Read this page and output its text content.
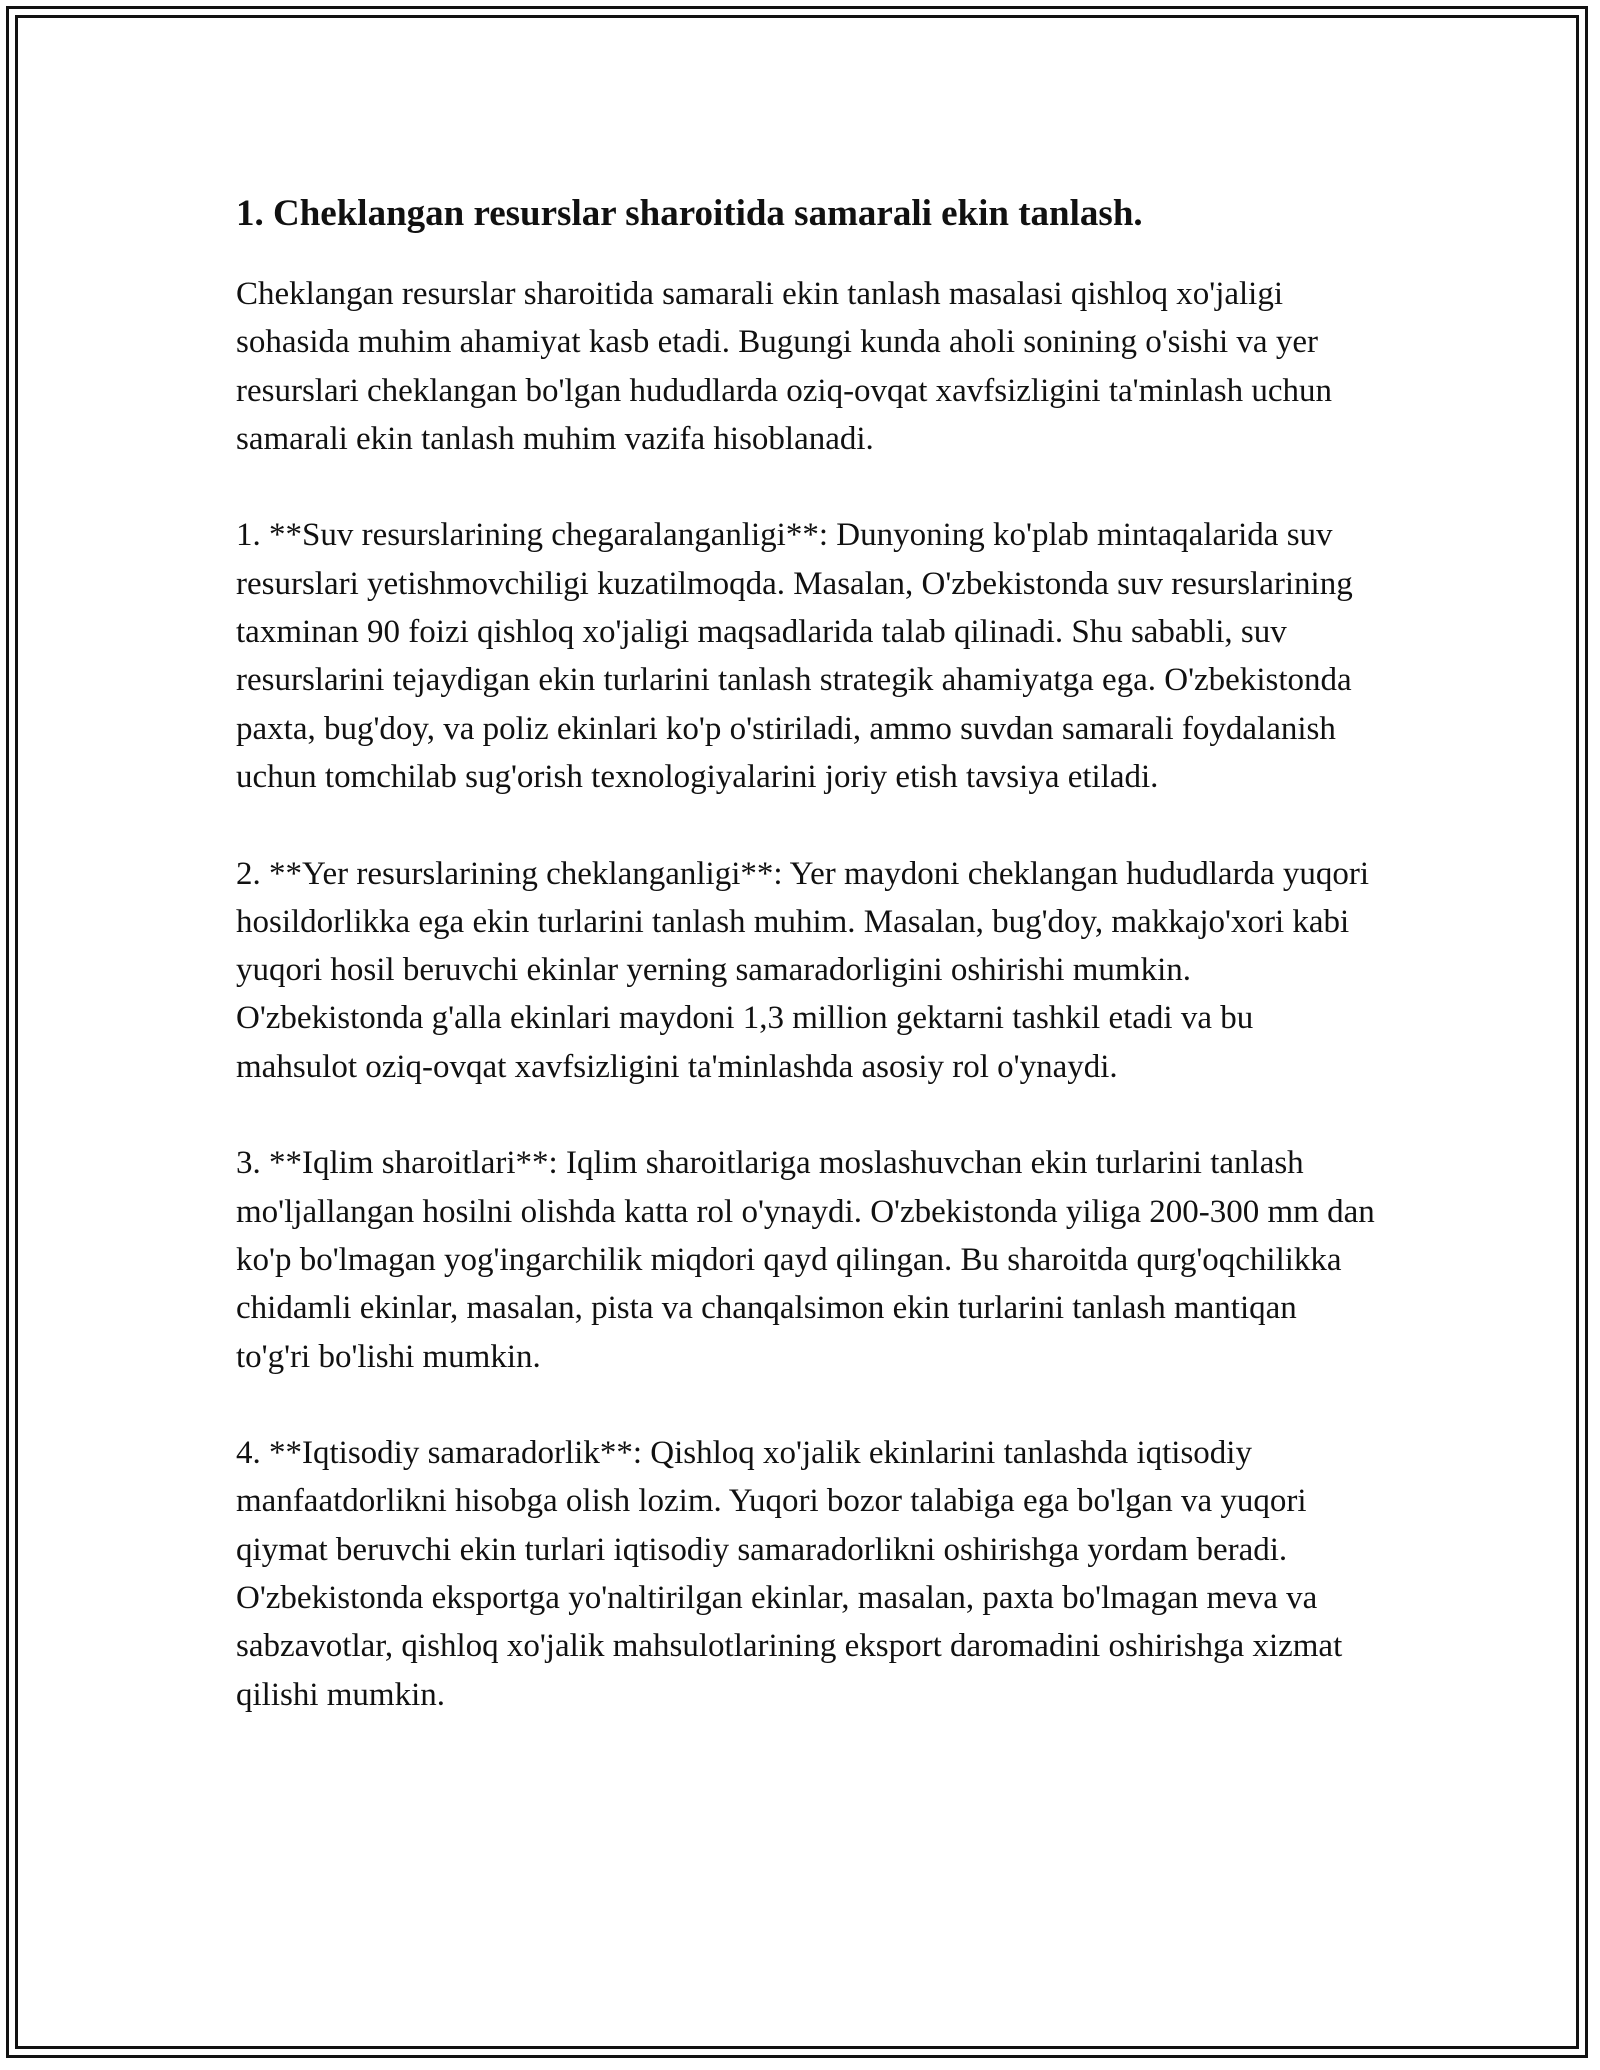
1. Cheklangan resurslar sharoitida samarali ekin tanlash.

Cheklangan resurslar sharoitida samarali ekin tanlash masalasi qishloq xo'jaligi sohasida muhim ahamiyat kasb etadi. Bugungi kunda aholi sonining o'sishi va yer resurslari cheklangan bo'lgan hududlarda oziq-ovqat xavfsizligini ta'minlash uchun samarali ekin tanlash muhim vazifa hisoblanadi.

1. **Suv resurslarining chegaralanganligi**: Dunyoning ko'plab mintaqalarida suv resurslari yetishmovchiligi kuzatilmoqda. Masalan, O'zbekistonda suv resurslarining taxminan 90 foizi qishloq xo'jaligi maqsadlarida talab qilinadi. Shu sababli, suv resurslarini tejaydigan ekin turlarini tanlash strategik ahamiyatga ega. O'zbekistonda paxta, bug'doy, va poliz ekinlari ko'p o'stiriladi, ammo suvdan samarali foydalanish uchun tomchilab sug'orish texnologiyalarini joriy etish tavsiya etiladi.

2. **Yer resurslarining cheklanganligi**: Yer maydoni cheklangan hududlarda yuqori hosildorlikka ega ekin turlarini tanlash muhim. Masalan, bug'doy, makkajo'xori kabi yuqori hosil beruvchi ekinlar yerning samaradorligini oshirishi mumkin. O'zbekistonda g'alla ekinlari maydoni 1,3 million gektarni tashkil etadi va bu mahsulot oziq-ovqat xavfsizligini ta'minlashda asosiy rol o'ynaydi.

3. **Iqlim sharoitlari**: Iqlim sharoitlariga moslashuvchan ekin turlarini tanlash mo'ljallangan hosilni olishda katta rol o'ynaydi. O'zbekistonda yiliga 200-300 mm dan ko'p bo'lmagan yog'ingarchilik miqdori qayd qilingan. Bu sharoitda qurg'oqchilikka chidamli ekinlar, masalan, pista va chanqalsimon ekin turlarini tanlash mantiqan to'g'ri bo'lishi mumkin.

4. **Iqtisodiy samaradorlik**: Qishloq xo'jalik ekinlarini tanlashda iqtisodiy manfaatdorlikni hisobga olish lozim. Yuqori bozor talabiga ega bo'lgan va yuqori qiymat beruvchi ekin turlari iqtisodiy samaradorlikni oshirishga yordam beradi. O'zbekistonda eksportga yo'naltirilgan ekinlar, masalan, paxta bo'lmagan meva va sabzavotlar, qishloq xo'jalik mahsulotlarining eksport daromadini oshirishga xizmat qilishi mumkin.
